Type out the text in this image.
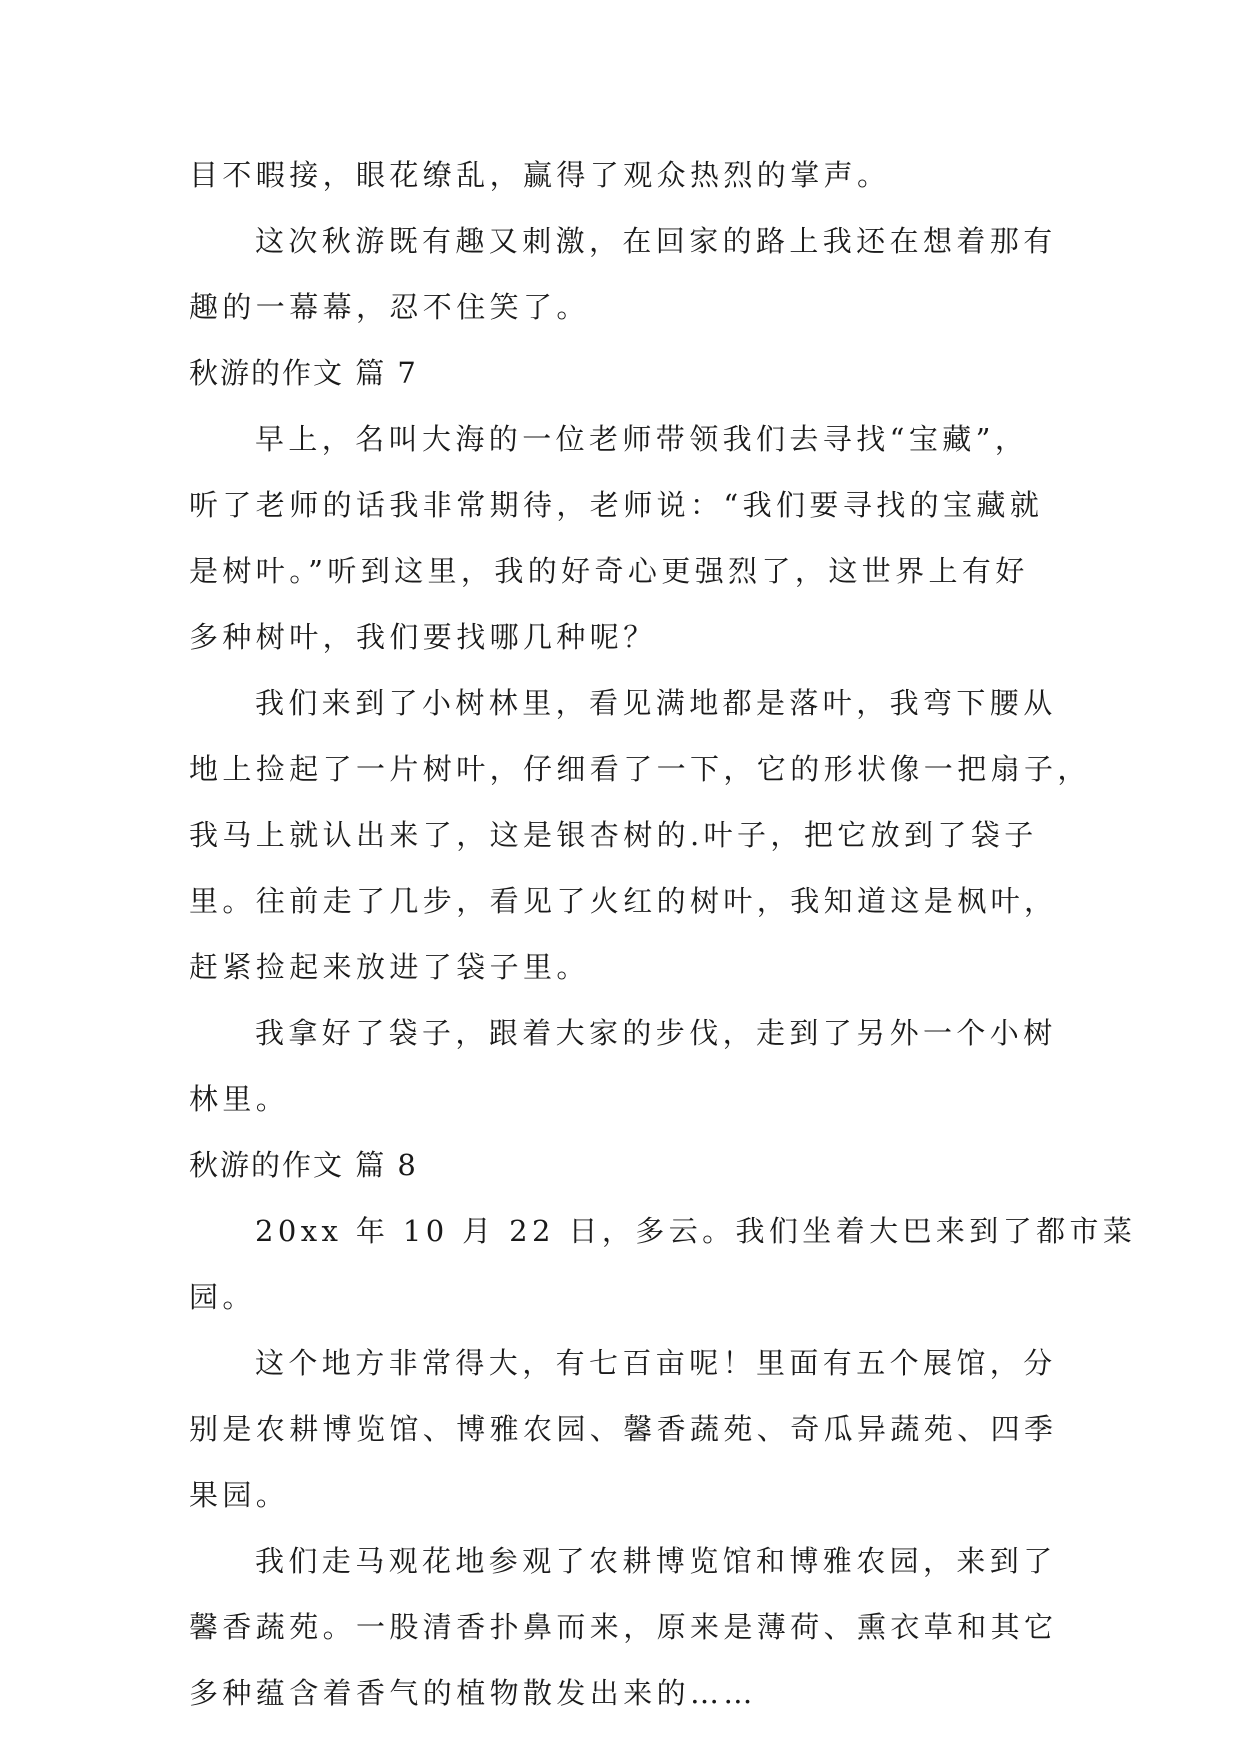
目不暇接，眼花缭乱，赢得了观众热烈的掌声。

这次秋游既有趣又刺激，在回家的路上我还在想着那有

趣的一幕幕，忍不住笑了。

秋游的作文 篇 7

早上，名叫大海的一位老师带领我们去寻找“宝藏”，

听了老师的话我非常期待，老师说：“我们要寻找的宝藏就

是树叶。”听到这里，我的好奇心更强烈了，这世界上有好

多种树叶，我们要找哪几种呢？

我们来到了小树林里，看见满地都是落叶，我弯下腰从

地上捡起了一片树叶，仔细看了一下，它的形状像一把扇子，

我马上就认出来了，这是银杏树的.叶子，把它放到了袋子

里。往前走了几步，看见了火红的树叶，我知道这是枫叶，

赶紧捡起来放进了袋子里。

我拿好了袋子，跟着大家的步伐，走到了另外一个小树

林里。

秋游的作文 篇 8

20xx 年 10 月 22 日，多云。我们坐着大巴来到了都市菜

园。

这个地方非常得大，有七百亩呢！里面有五个展馆，分

别是农耕博览馆、博雅农园、馨香蔬苑、奇瓜异蔬苑、四季

果园。

我们走马观花地参观了农耕博览馆和博雅农园，来到了

馨香蔬苑。一股清香扑鼻而来，原来是薄荷、熏衣草和其它

多种蕴含着香气的植物散发出来的……
